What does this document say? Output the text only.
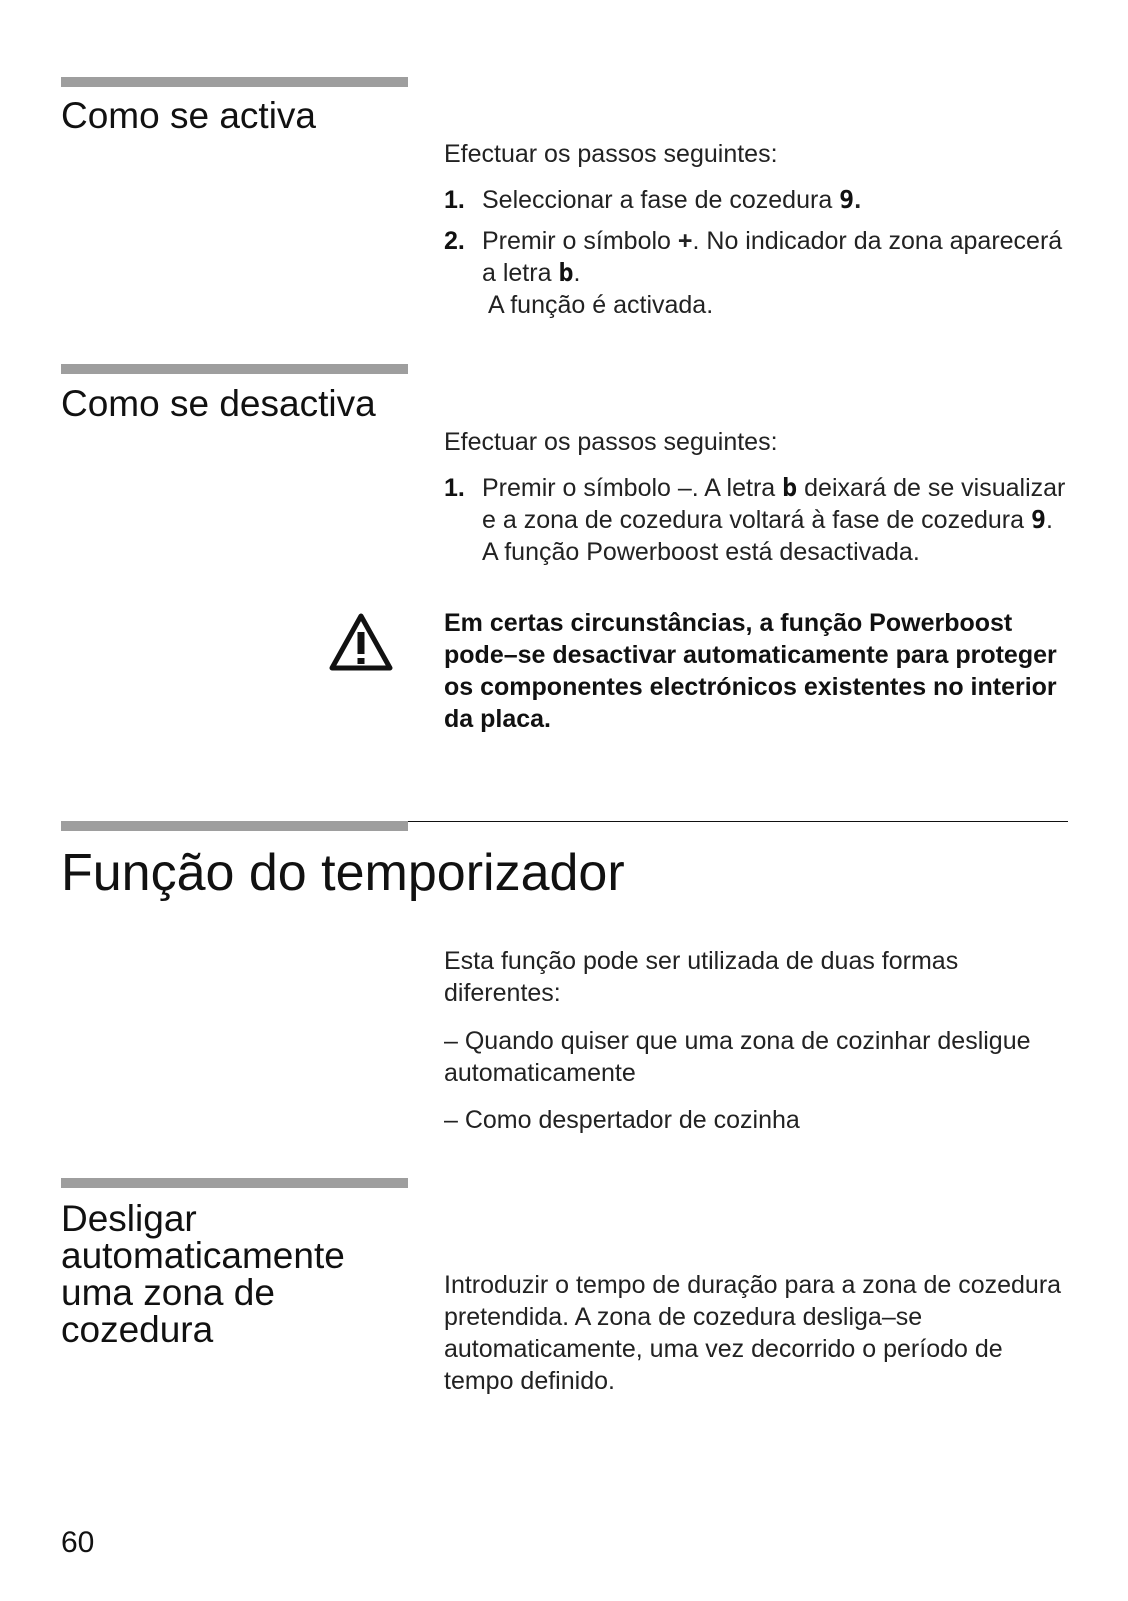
Como se activa

Efectuar os passos seguintes:

1. Seleccionar a fase de cozedura 9.
2. Premir o símbolo +. No indicador da zona aparecerá a letra b.
A função é activada.
Como se desactiva

Efectuar os passos seguintes:

1. Premir o símbolo –. A letra b deixará de se visualizar e a zona de cozedura voltará à fase de cozedura 9.
A função Powerboost está desactivada.

Em certas circunstâncias, a função Powerboost pode–se desactivar automaticamente para proteger os componentes electrónicos existentes no interior da placa.

Função do temporizador

Esta função pode ser utilizada de duas formas diferentes:

– Quando quiser que uma zona de cozinhar desligue automaticamente

– Como despertador de cozinha

Desligar automaticamente uma zona de cozedura

Introduzir o tempo de duração para a zona de cozedura pretendida. A zona de cozedura desliga–se automaticamente, uma vez decorrido o período de tempo definido.

60
